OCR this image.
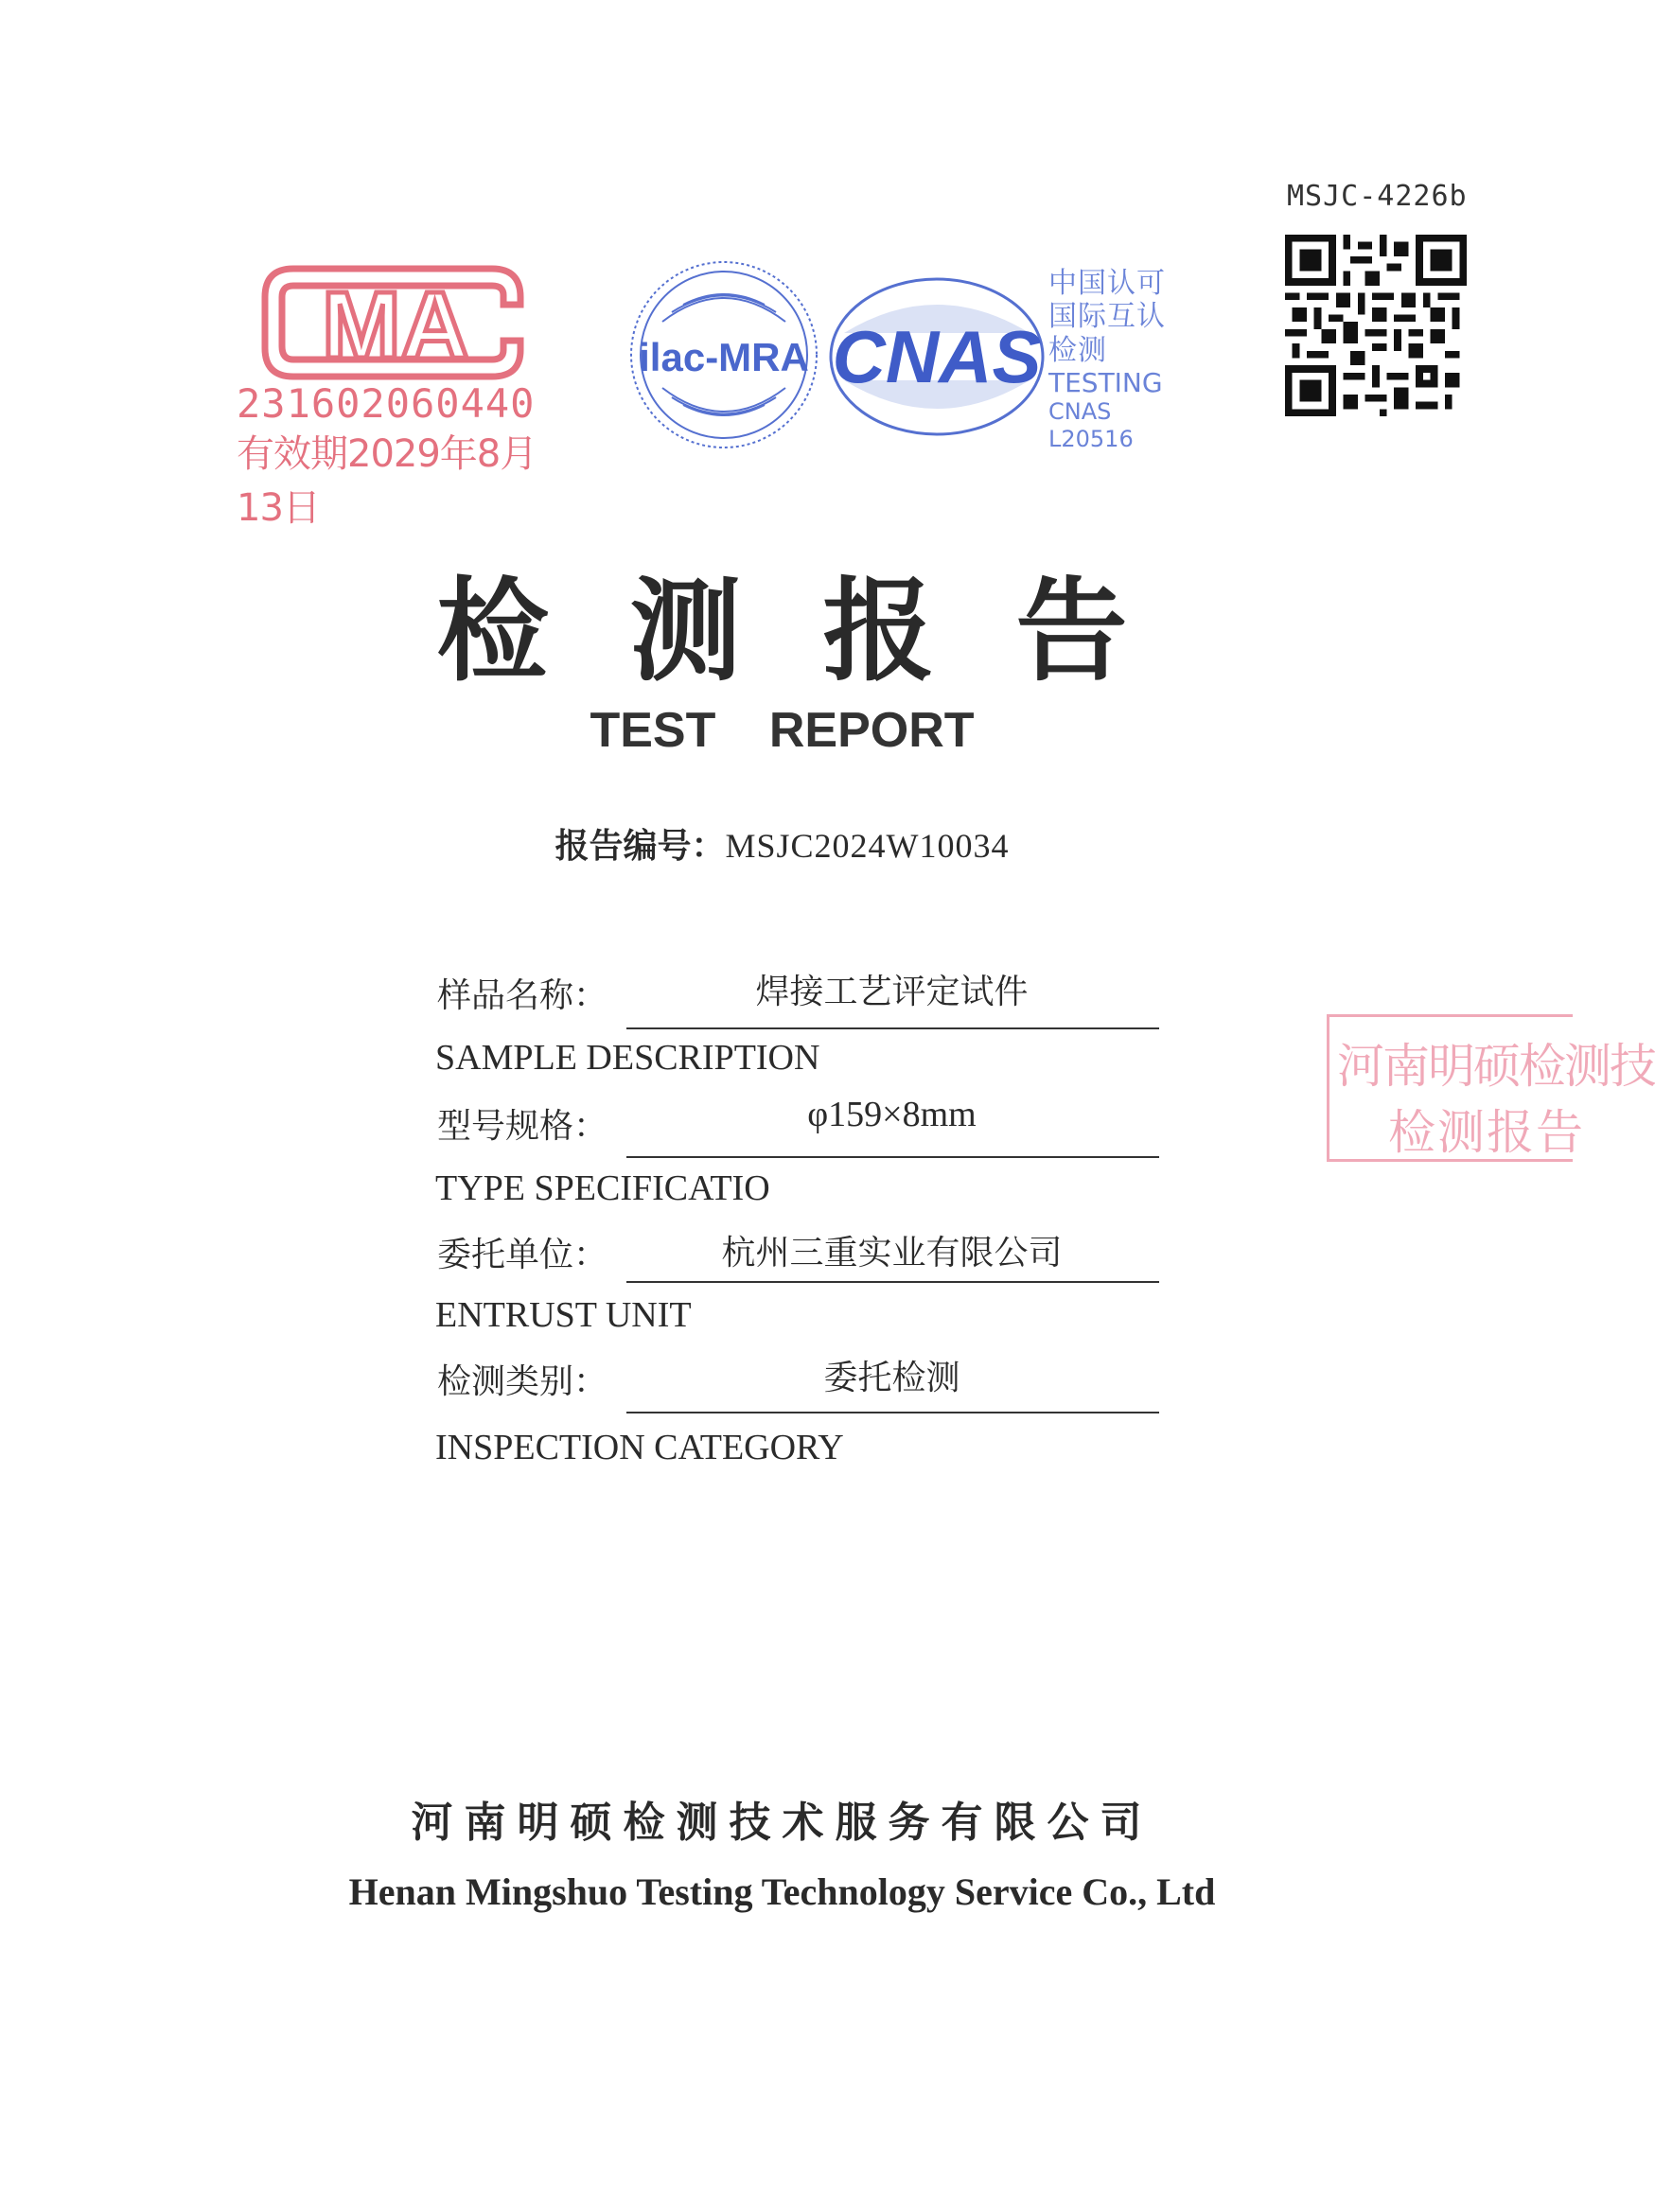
MSJC-4226b
MA
231602060440
有效期2029年8月13日
ilac-MRA CNAS
中国认可
国际互认
检测
TESTING
CNAS L20516
检测报告
TEST REPORT
报告编号：MSJC2024W10034
样品名称：	焊接工艺评定试件
SAMPLE DESCRIPTION
型号规格：	φ159×8mm
TYPE SPECIFICATIO
委托单位：	杭州三重实业有限公司
ENTRUST UNIT
检测类别：	委托检测
INSPECTION CATEGORY
河南明硕检测技
检测报告
河南明硕检测技术服务有限公司
Henan Mingshuo Testing Technology Service Co., Ltd
